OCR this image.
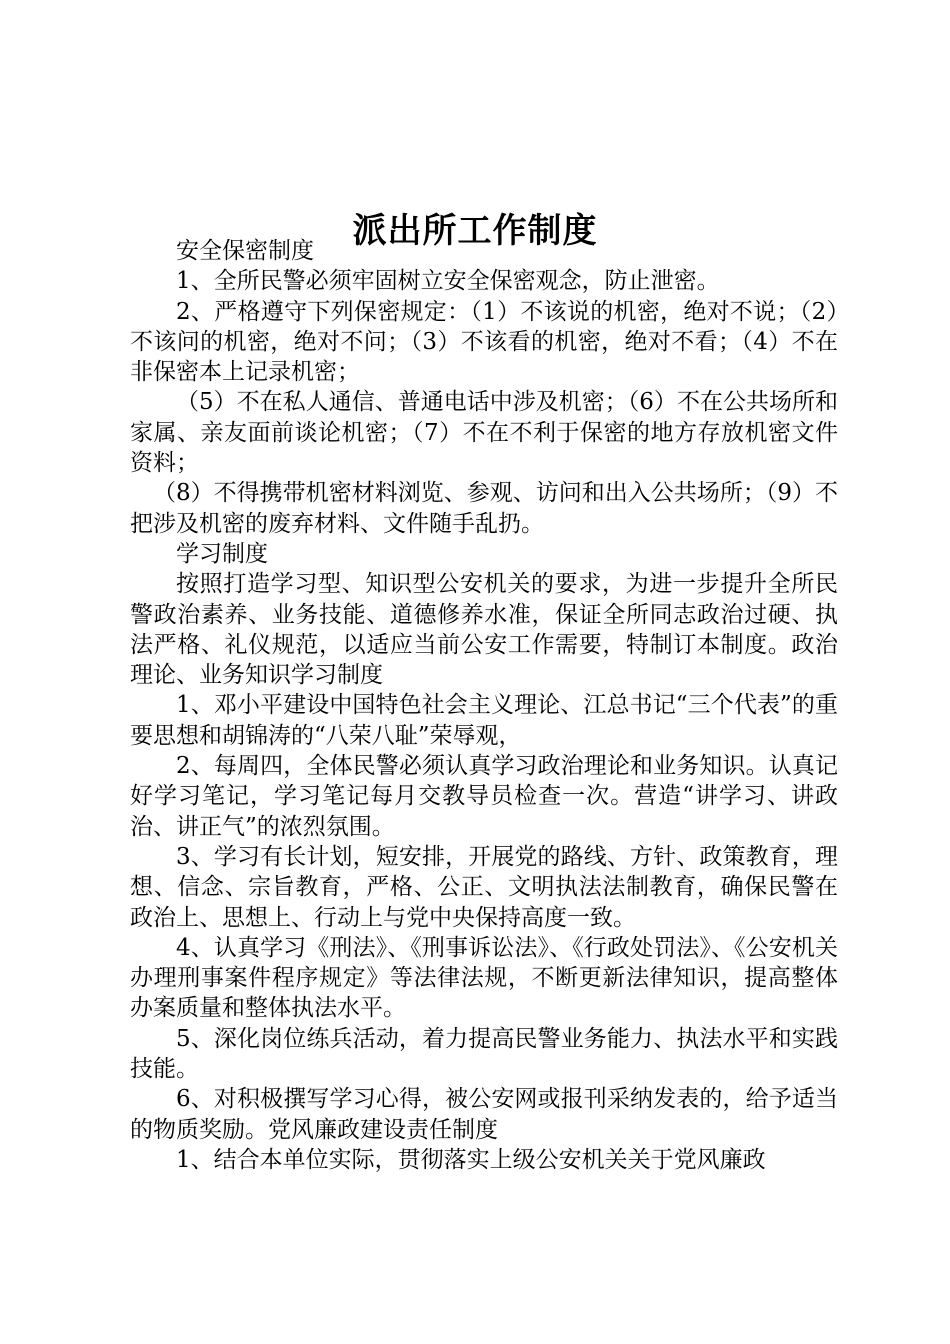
派出所工作制度

安全保密制度

1、全所民警必须牢固树立安全保密观念，防止泄密。

2、严格遵守下列保密规定：（1）不该说的机密，绝对不说；（2）不该问的机密，绝对不问；（3）不该看的机密，绝对不看；（4）不在非保密本上记录机密；

（5）不在私人通信、普通电话中涉及机密；（6）不在公共场所和家属、亲友面前谈论机密；（7）不在不利于保密的地方存放机密文件资料；

（8）不得携带机密材料浏览、参观、访问和出入公共场所；（9）不把涉及机密的废弃材料、文件随手乱扔。

学习制度

按照打造学习型、知识型公安机关的要求，为进一步提升全所民警政治素养、业务技能、道德修养水准，保证全所同志政治过硬、执法严格、礼仪规范，以适应当前公安工作需要，特制订本制度。政治理论、业务知识学习制度

1、邓小平建设中国特色社会主义理论、江总书记“三个代表”的重要思想和胡锦涛的“八荣八耻”荣辱观，

2、每周四，全体民警必须认真学习政治理论和业务知识。认真记好学习笔记，学习笔记每月交教导员检查一次。营造“讲学习、讲政治、讲正气”的浓烈氛围。

3、学习有长计划，短安排，开展党的路线、方针、政策教育，理想、信念、宗旨教育，严格、公正、文明执法法制教育，确保民警在政治上、思想上、行动上与党中央保持高度一致。

4、认真学习《刑法》、《刑事诉讼法》、《行政处罚法》、《公安机关办理刑事案件程序规定》等法律法规，不断更新法律知识，提高整体办案质量和整体执法水平。

5、深化岗位练兵活动，着力提高民警业务能力、执法水平和实践技能。

6、对积极撰写学习心得，被公安网或报刊采纳发表的，给予适当的物质奖励。党风廉政建设责任制度

1、结合本单位实际，贯彻落实上级公安机关关于党风廉政
